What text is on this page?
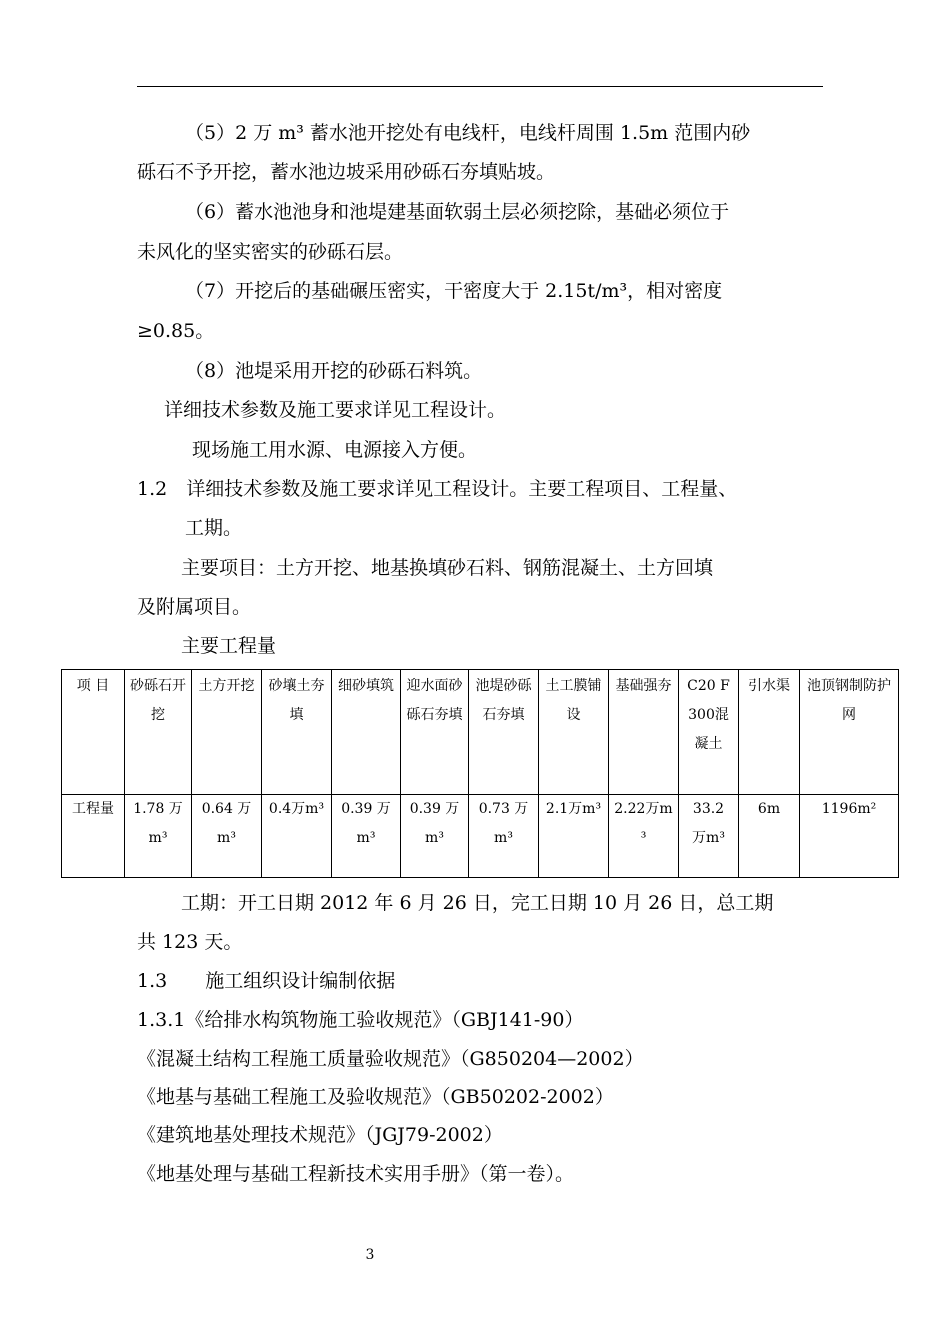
（5）2 万 m³ 蓄水池开挖处有电线杆，电线杆周围 1.5m 范围内砂
砾石不予开挖，蓄水池边坡采用砂砾石夯填贴坡。
（6）蓄水池池身和池堤建基面软弱土层必须挖除，基础必须位于
未风化的坚实密实的砂砾石层。
（7）开挖后的基础碾压密实，干密度大于 2.15t/m³，相对密度
≥0.85。
（8）池堤采用开挖的砂砾石料筑。
详细技术参数及施工要求详见工程设计。
现场施工用水源、电源接入方便。
1.2　详细技术参数及施工要求详见工程设计。主要工程项目、工程量、
工期。
主要项目：土方开挖、地基换填砂石料、钢筋混凝土、土方回填
及附属项目。
主要工程量
项 目	砂砾石开挖	土方开挖	砂壤土夯填	细砂填筑	迎水面砂砾石夯填	池堤砂砾石夯填	土工膜铺设	基础强夯	C20 F300混凝土	引水渠	池顶钢制防护网

工程量	1.78 万m³	0.64 万m³	0.4万m³	0.39 万m³	0.39 万m³	0.73 万m³	2.1万m³	2.22万m³	33.2 万m³	6m	1196m²
工期：开工日期 2012 年 6 月 26 日，完工日期 10 月 26 日，总工期
共 123 天。
1.3　　施工组织设计编制依据
1.3.1《给排水构筑物施工验收规范》（GBJ141-90）
《混凝土结构工程施工质量验收规范》（G850204—2002）
《地基与基础工程施工及验收规范》（GB50202-2002）
《建筑地基处理技术规范》（JGJ79-2002）
《地基处理与基础工程新技术实用手册》（第一卷）。
3
